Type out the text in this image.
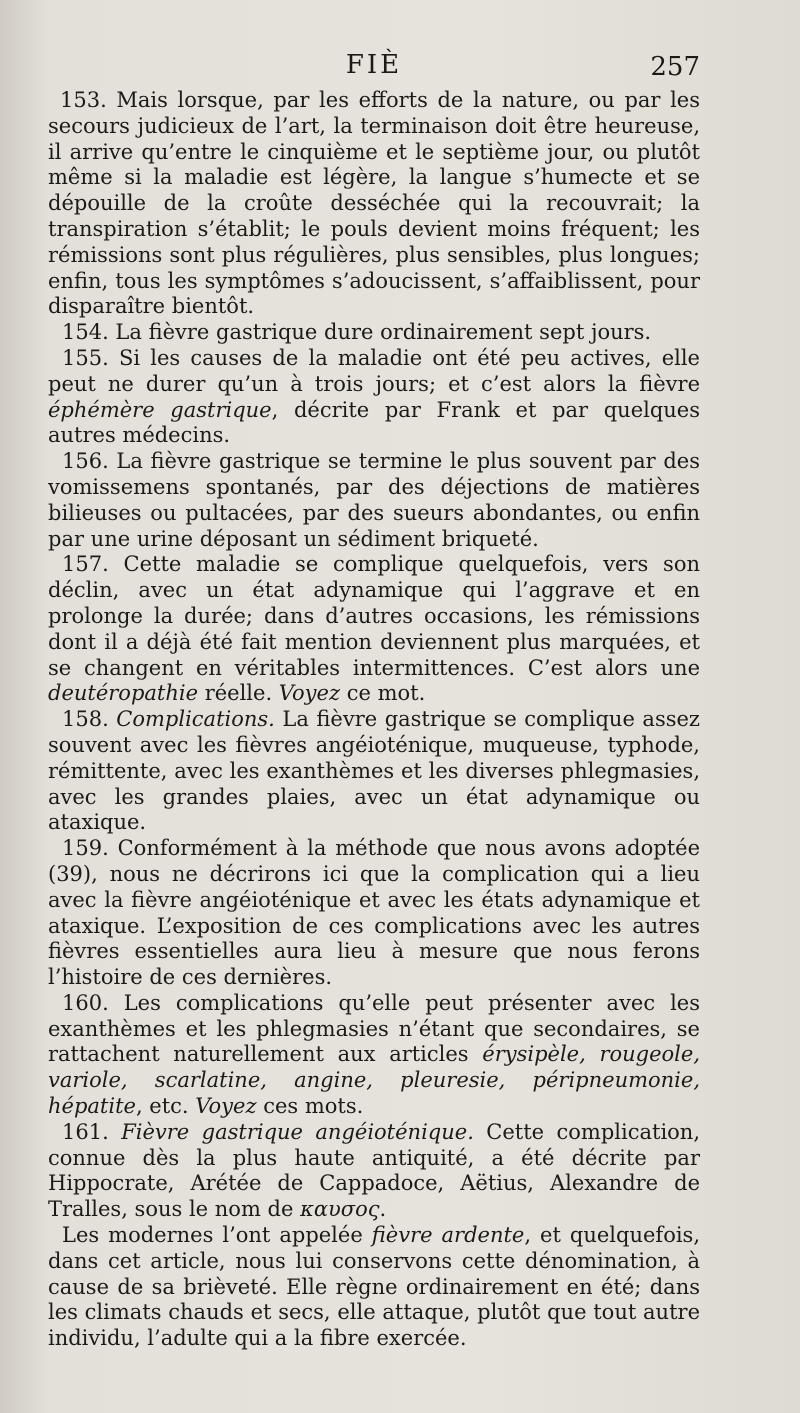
FIÈ	257

153. Mais lorsque, par les efforts de la nature, ou par les secours judicieux de l’art, la terminaison doit être heureuse, il arrive qu’entre le cinquième et le septième jour, ou plutôt même si la maladie est légère, la langue s’humecte et se dépouille de la croûte desséchée qui la recouvrait; la transpiration s’établit; le pouls devient moins fréquent; les rémissions sont plus régulières, plus sensibles, plus longues; enfin, tous les symptômes s’adoucissent, s’affaiblissent, pour disparaître bientôt.

154. La fièvre gastrique dure ordinairement sept jours.

155. Si les causes de la maladie ont été peu actives, elle peut ne durer qu’un à trois jours; et c’est alors la fièvre éphémère gastrique, décrite par Frank et par quelques autres médecins.

156. La fièvre gastrique se termine le plus souvent par des vomissemens spontanés, par des déjections de matières bilieuses ou pultacées, par des sueurs abondantes, ou enfin par une urine déposant un sédiment briqueté.

157. Cette maladie se complique quelquefois, vers son déclin, avec un état adynamique qui l’aggrave et en prolonge la durée; dans d’autres occasions, les rémissions dont il a déjà été fait mention deviennent plus marquées, et se changent en véritables intermittences. C’est alors une deutéropathie réelle. Voyez ce mot.

158. Complications. La fièvre gastrique se complique assez souvent avec les fièvres angéioténique, muqueuse, typhode, rémittente, avec les exanthèmes et les diverses phlegmasies, avec les grandes plaies, avec un état adynamique ou ataxique.

159. Conformément à la méthode que nous avons adoptée (39), nous ne décrirons ici que la complication qui a lieu avec la fièvre angéioténique et avec les états adynamique et ataxique. L’exposition de ces complications avec les autres fièvres essentielles aura lieu à mesure que nous ferons l’histoire de ces dernières.

160. Les complications qu’elle peut présenter avec les exanthèmes et les phlegmasies n’étant que secondaires, se rattachent naturellement aux articles érysipèle, rougeole, variole, scarlatine, angine, pleuresie, péripneumonie, hépatite, etc. Voyez ces mots.

161. Fièvre gastrique angéioténique. Cette complication, connue dès la plus haute antiquité, a été décrite par Hippocrate, Arétée de Cappadoce, Aëtius, Alexandre de Tralles, sous le nom de καυσος.

Les modernes l’ont appelée fièvre ardente, et quelquefois, dans cet article, nous lui conservons cette dénomination, à cause de sa brièveté. Elle règne ordinairement en été; dans les climats chauds et secs, elle attaque, plutôt que tout autre individu, l’adulte qui a la fibre exercée.
